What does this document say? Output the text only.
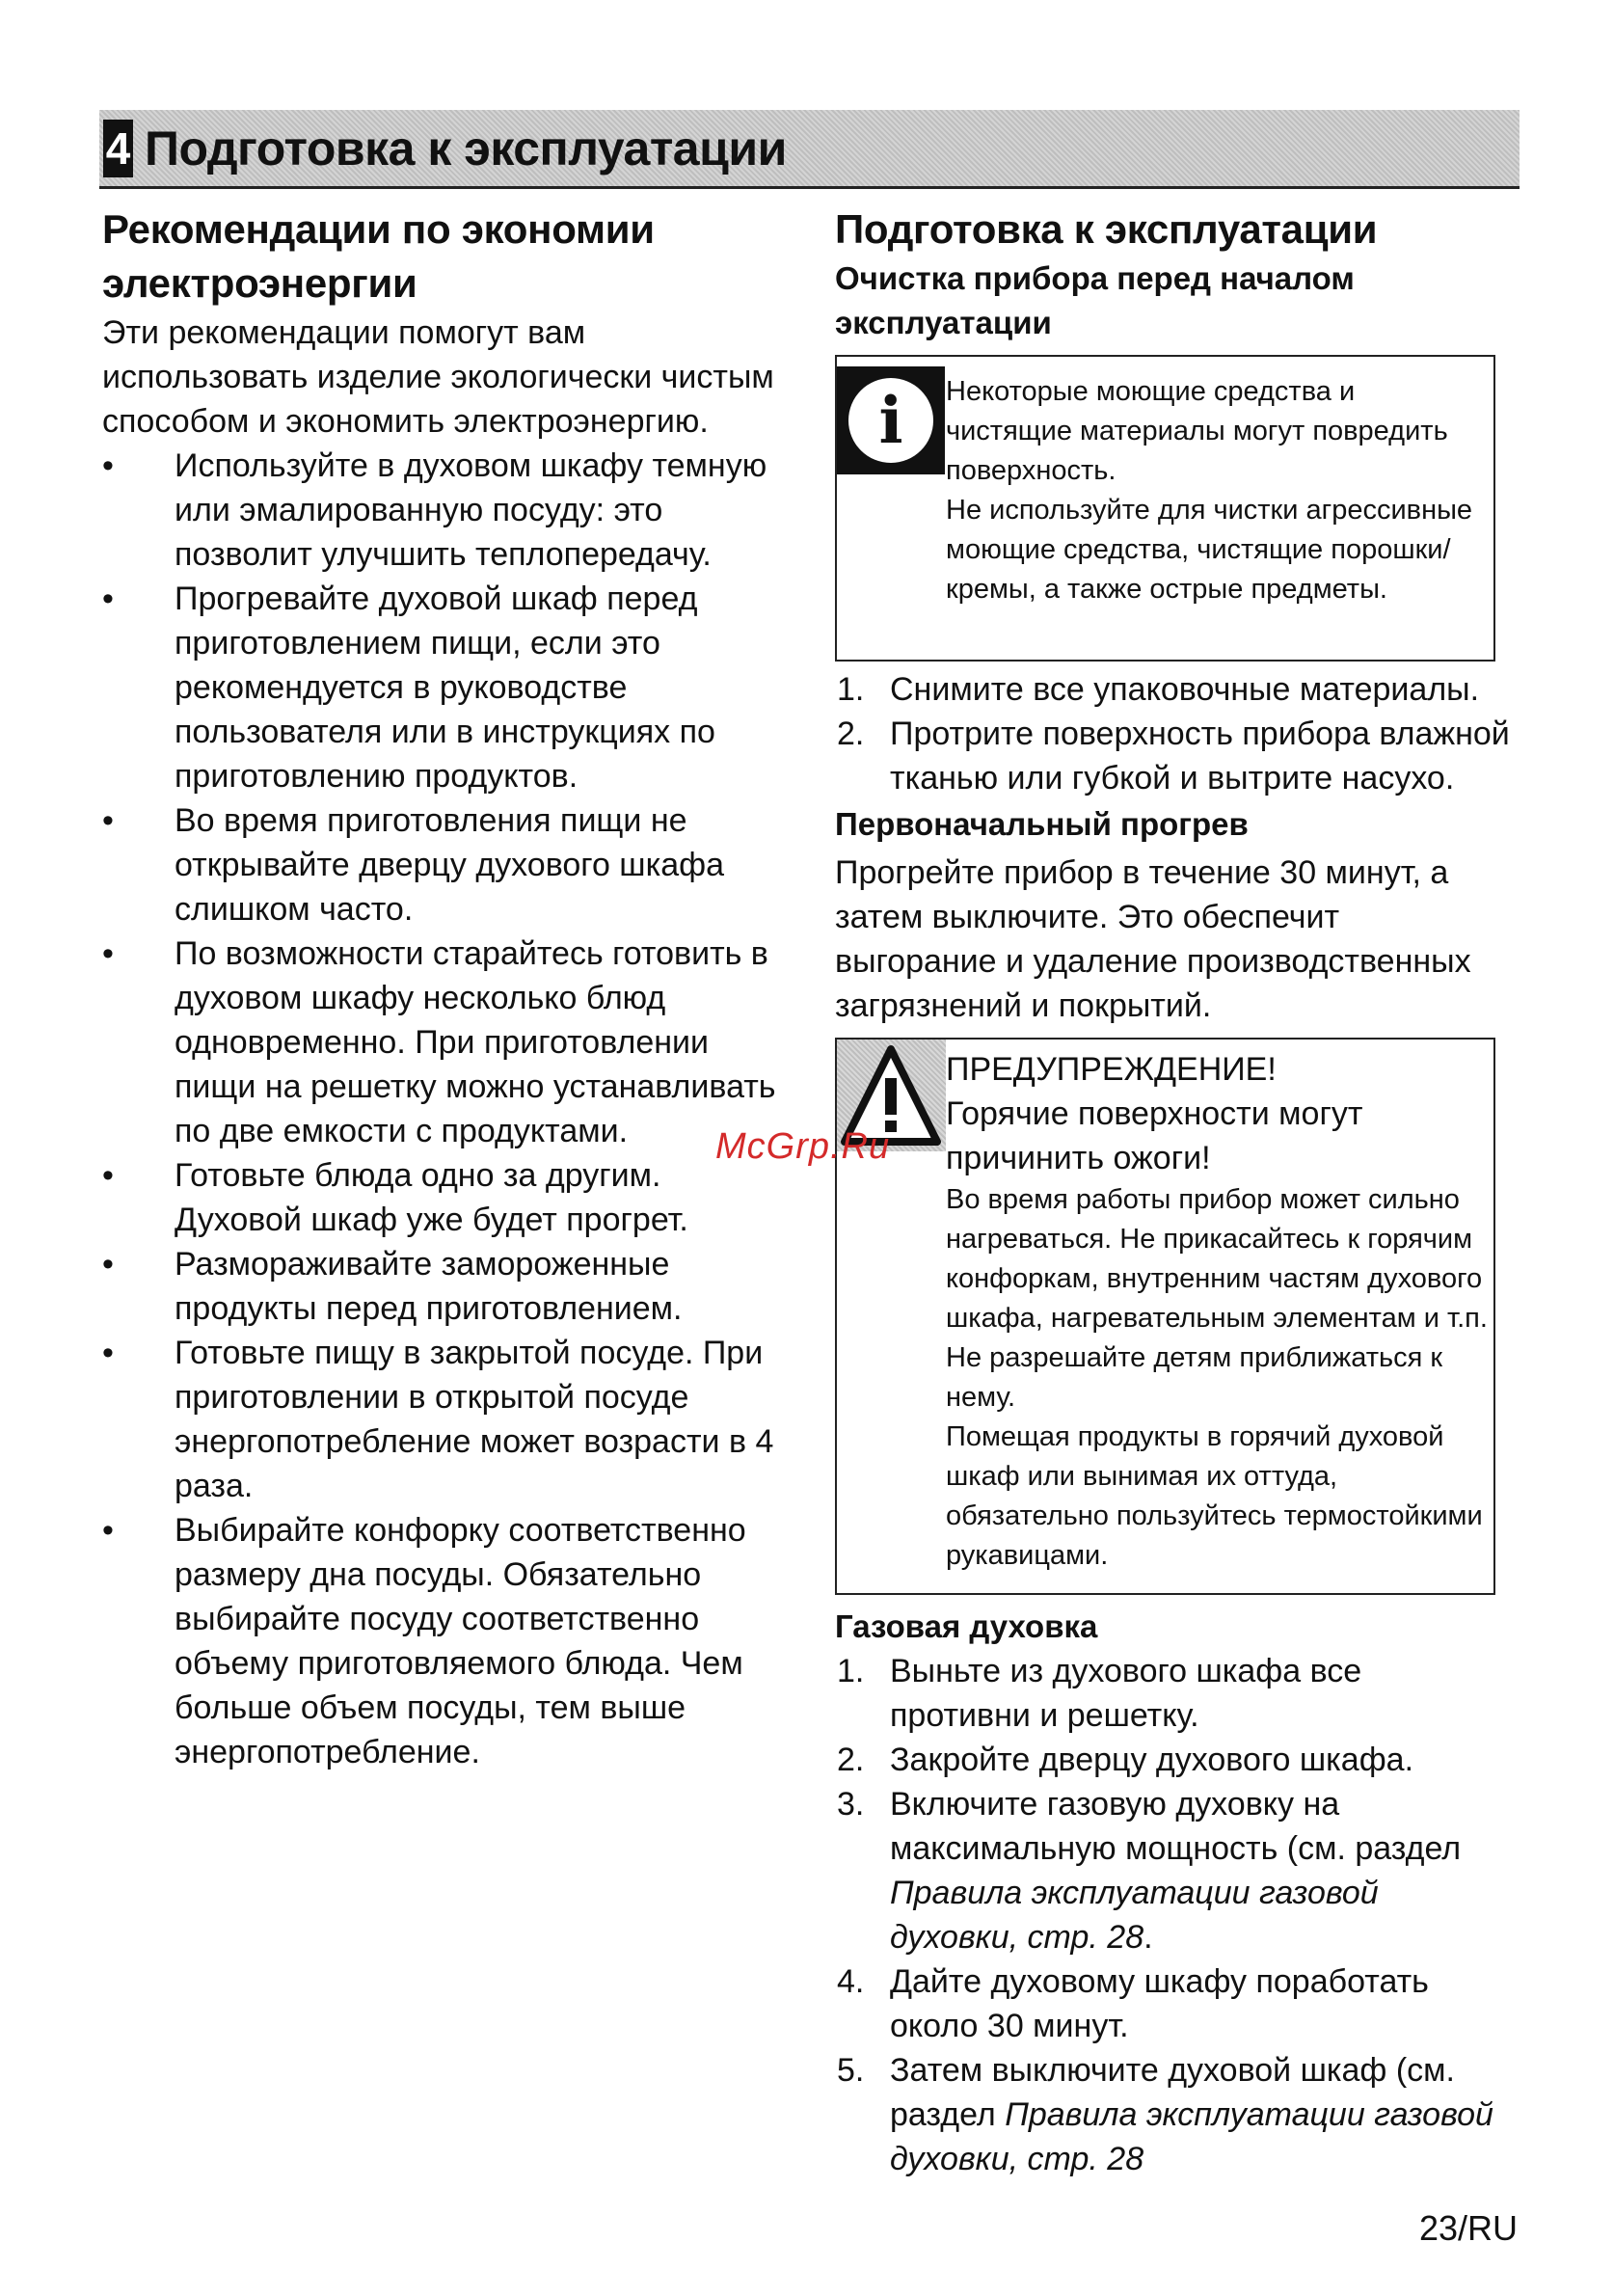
4 Подготовка к эксплуатации
Рекомендации по экономии электроэнергии
Эти рекомендации помогут вам использовать изделие экологически чистым способом и экономить электроэнергию.
• Используйте в духовом шкафу темную или эмалированную посуду: это позволит улучшить теплопередачу.
• Прогревайте духовой шкаф перед приготовлением пищи, если это рекомендуется в руководстве пользователя или в инструкциях по приготовлению продуктов.
• Во время приготовления пищи не открывайте дверцу духового шкафа слишком часто.
• По возможности старайтесь готовить в духовом шкафу несколько блюд одновременно. При приготовлении пищи на решетку можно устанавливать по две емкости с продуктами.
• Готовьте блюда одно за другим. Духовой шкаф уже будет прогрет.
• Размораживайте замороженные продукты перед приготовлением.
• Готовьте пищу в закрытой посуде. При приготовлении в открытой посуде энергопотребление может возрасти в 4 раза.
• Выбирайте конфорку соответственно размеру дна посуды. Обязательно выбирайте посуду соответственно объему приготовляемого блюда. Чем больше объем посуды, тем выше энергопотребление.
Подготовка к эксплуатации
Очистка прибора перед началом эксплуатации
i Некоторые моющие средства и чистящие материалы могут повредить поверхность.
Не используйте для чистки агрессивные моющие средства, чистящие порошки/кремы, а также острые предметы.
1. Снимите все упаковочные материалы.
2. Протрите поверхность прибора влажной тканью или губкой и вытрите насухо.
Первоначальный прогрев
Прогрейте прибор в течение 30 минут, а затем выключите. Это обеспечит выгорание и удаление производственных загрязнений и покрытий.
ПРЕДУПРЕЖДЕНИЕ!
Горячие поверхности могут причинить ожоги!
Во время работы прибор может сильно нагреваться. Не прикасайтесь к горячим конфоркам, внутренним частям духового шкафа, нагревательным элементам и т.п. Не разрешайте детям приближаться к нему.
Помещая продукты в горячий духовой шкаф или вынимая их оттуда, обязательно пользуйтесь термостойкими рукавицами.
Газовая духовка
1. Выньте из духового шкафа все противни и решетку.
2. Закройте дверцу духового шкафа.
3. Включите газовую духовку на максимальную мощность (см. раздел Правила эксплуатации газовой духовки, стр. 28.
4. Дайте духовому шкафу поработать около 30 минут.
5. Затем выключите духовой шкаф (см. раздел Правила эксплуатации газовой духовки, стр. 28
McGrp.Ru
23/RU
